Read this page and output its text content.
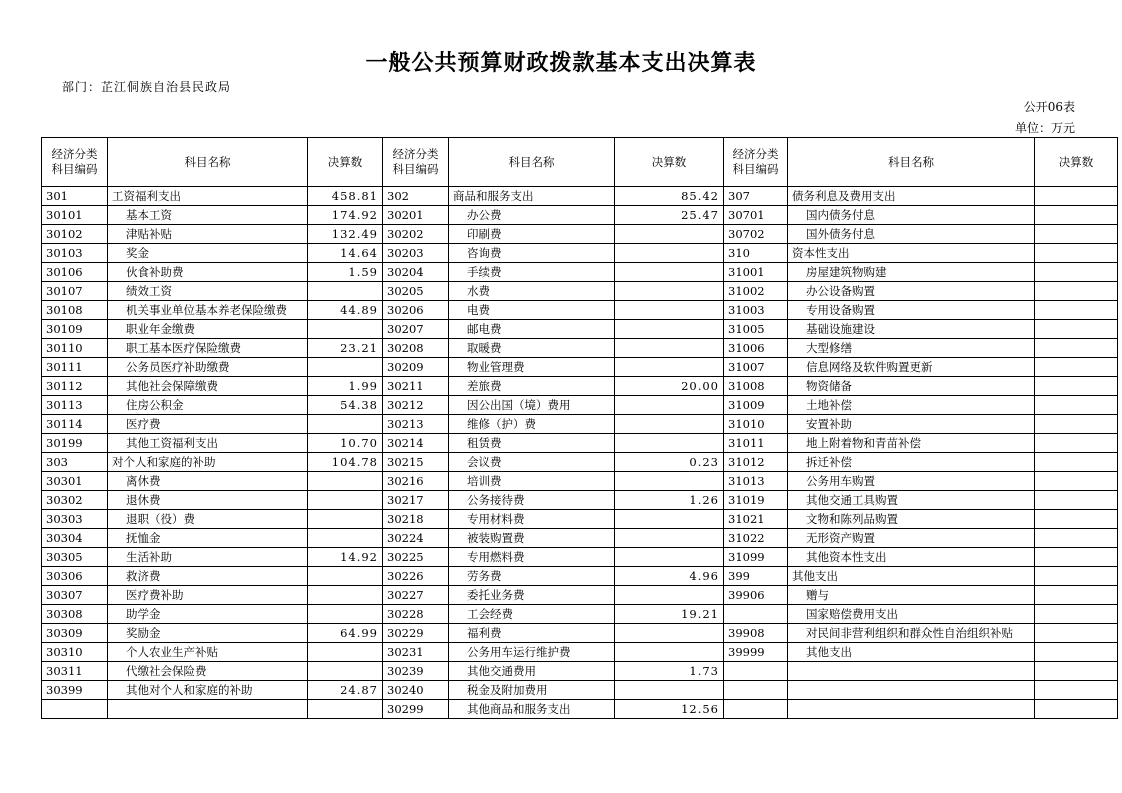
一般公共预算财政拨款基本支出决算表
部门：芷江侗族自治县民政局
公开06表
单位：万元
经济分类科目编码	科目名称	决算数	经济分类科目编码	科目名称	决算数	经济分类科目编码	科目名称	决算数
301	工资福利支出	458.81	302	商品和服务支出	85.42	307	债务利息及费用支出	
30101	基本工资	174.92	30201	办公费	25.47	30701	国内债务付息	
30102	津贴补贴	132.49	30202	印刷费		30702	国外债务付息	
30103	奖金	14.64	30203	咨询费		310	资本性支出	
30106	伙食补助费	1.59	30204	手续费		31001	房屋建筑物购建	
30107	绩效工资		30205	水费		31002	办公设备购置	
30108	机关事业单位基本养老保险缴费	44.89	30206	电费		31003	专用设备购置	
30109	职业年金缴费		30207	邮电费		31005	基础设施建设	
30110	职工基本医疗保险缴费	23.21	30208	取暖费		31006	大型修缮	
30111	公务员医疗补助缴费		30209	物业管理费		31007	信息网络及软件购置更新	
30112	其他社会保障缴费	1.99	30211	差旅费	20.00	31008	物资储备	
30113	住房公积金	54.38	30212	因公出国（境）费用		31009	土地补偿	
30114	医疗费		30213	维修（护）费		31010	安置补助	
30199	其他工资福利支出	10.70	30214	租赁费		31011	地上附着物和青苗补偿	
303	对个人和家庭的补助	104.78	30215	会议费	0.23	31012	拆迁补偿	
30301	离休费		30216	培训费		31013	公务用车购置	
30302	退休费		30217	公务接待费	1.26	31019	其他交通工具购置	
30303	退职（役）费		30218	专用材料费		31021	文物和陈列品购置	
30304	抚恤金		30224	被装购置费		31022	无形资产购置	
30305	生活补助	14.92	30225	专用燃料费		31099	其他资本性支出	
30306	救济费		30226	劳务费	4.96	399	其他支出	
30307	医疗费补助		30227	委托业务费		39906	赠与	
30308	助学金		30228	工会经费	19.21		国家赔偿费用支出	
30309	奖励金	64.99	30229	福利费		39908	对民间非营利组织和群众性自治组织补贴	
30310	个人农业生产补贴		30231	公务用车运行维护费		39999	其他支出	
30311	代缴社会保险费		30239	其他交通费用	1.73			
30399	其他对个人和家庭的补助	24.87	30240	税金及附加费用				
			30299	其他商品和服务支出	12.56			
